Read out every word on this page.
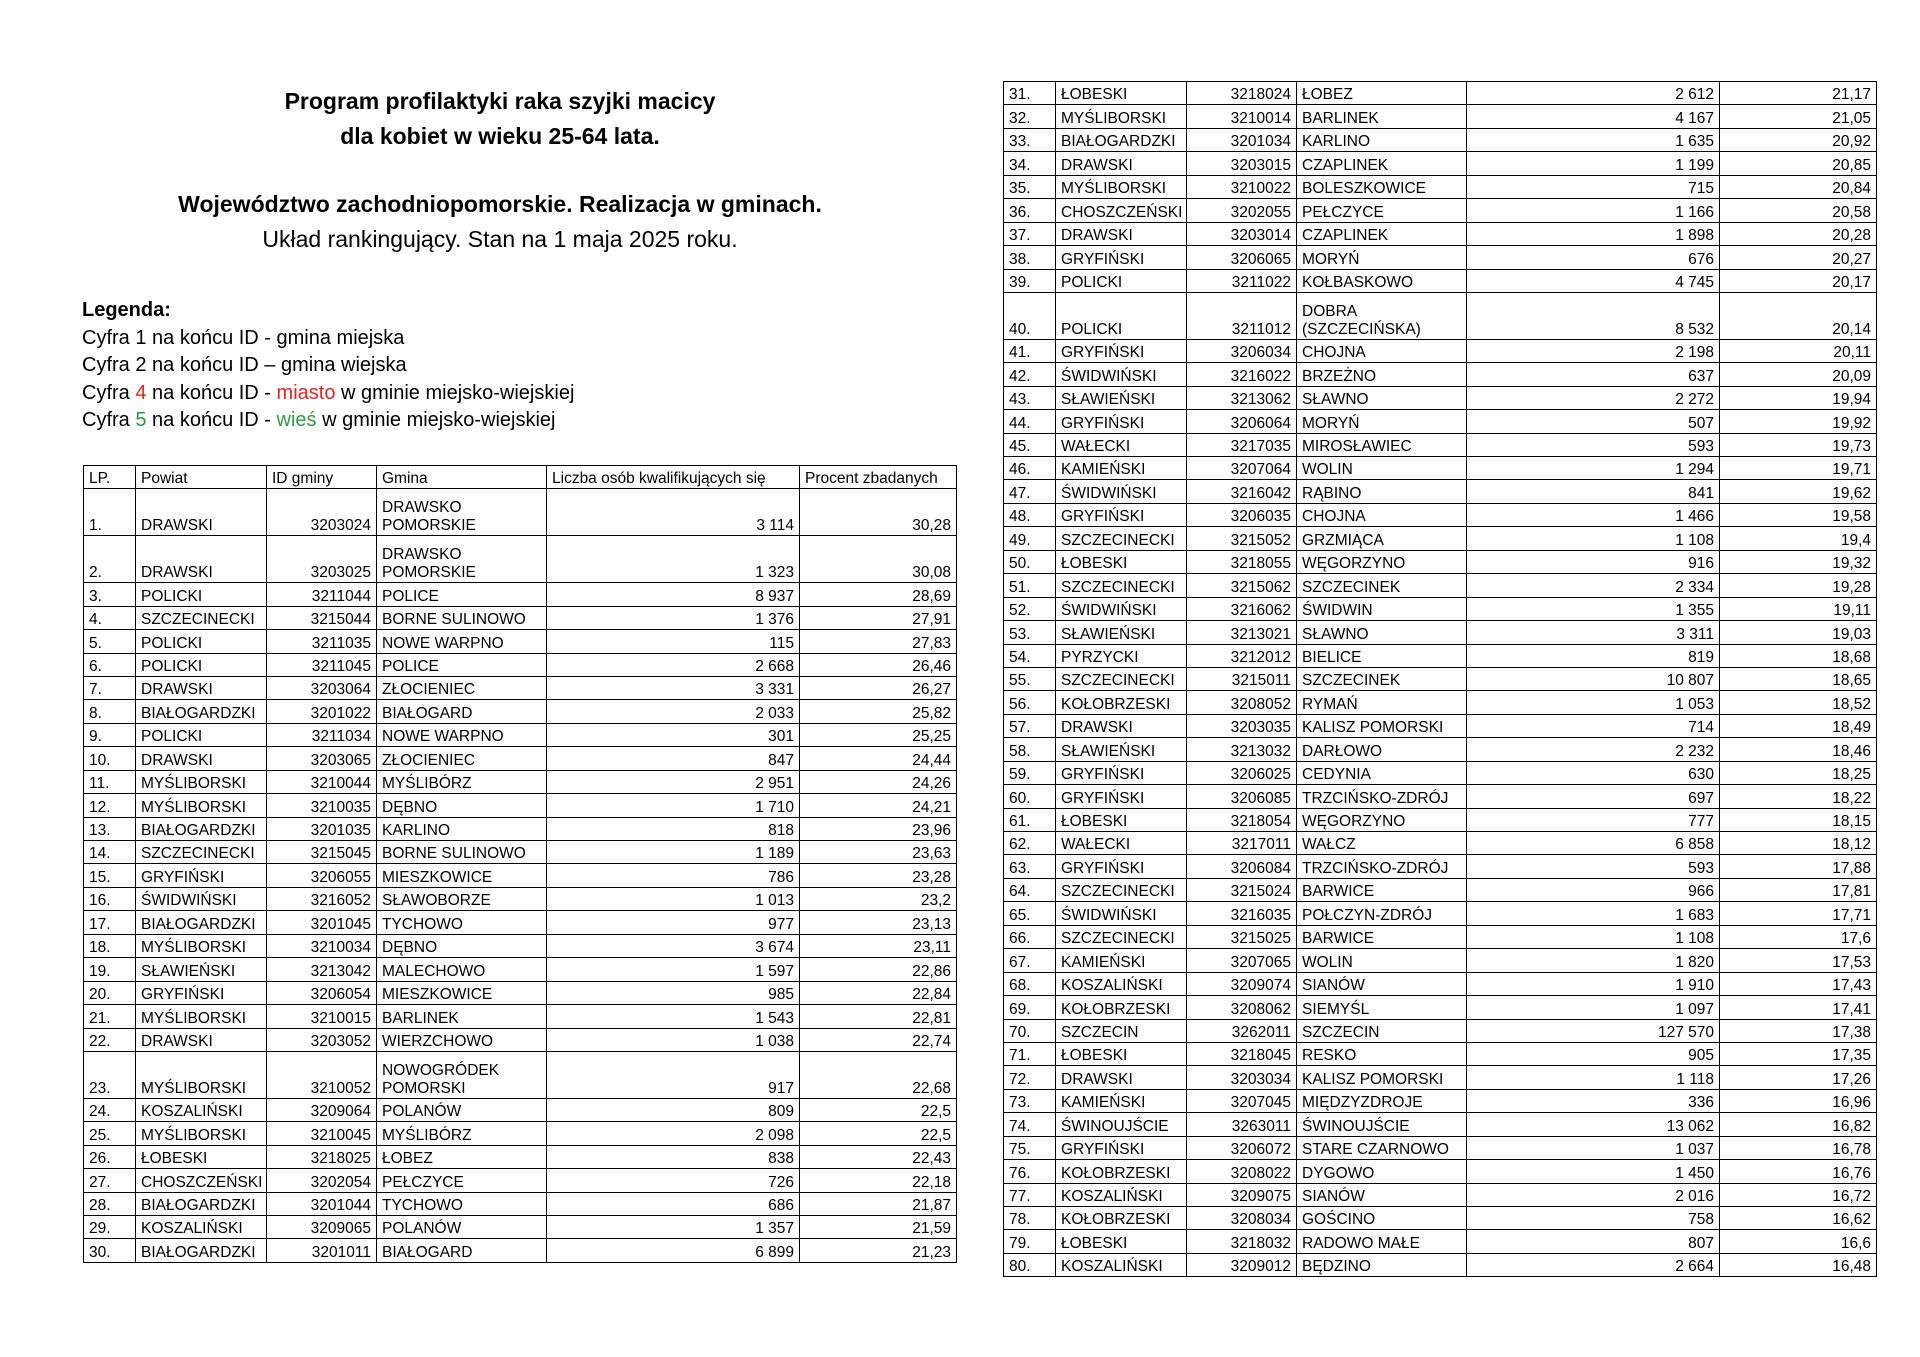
Program profilaktyki raka szyjki macicy
dla kobiet w wieku 25-64 lata.
Województwo zachodniopomorskie. Realizacja w gminach.
Układ rankingujący. Stan na 1 maja 2025 roku.
Legenda:
Cyfra 1 na końcu ID - gmina miejska
Cyfra 2 na końcu ID – gmina wiejska
Cyfra 4 na końcu ID - miasto w gminie miejsko-wiejskiej
Cyfra 5 na końcu ID - wieś w gminie miejsko-wiejskiej
LP.	Powiat	ID gminy	Gmina	Liczba osób kwalifikujących się	Procent zbadanych
1.	DRAWSKI	3203024	DRAWSKO POMORSKIE	3 114	30,28
2.	DRAWSKI	3203025	DRAWSKO POMORSKIE	1 323	30,08
3.	POLICKI	3211044	POLICE	8 937	28,69
4.	SZCZECINECKI	3215044	BORNE SULINOWO	1 376	27,91
5.	POLICKI	3211035	NOWE WARPNO	115	27,83
6.	POLICKI	3211045	POLICE	2 668	26,46
7.	DRAWSKI	3203064	ZŁOCIENIEC	3 331	26,27
8.	BIAŁOGARDZKI	3201022	BIAŁOGARD	2 033	25,82
9.	POLICKI	3211034	NOWE WARPNO	301	25,25
10.	DRAWSKI	3203065	ZŁOCIENIEC	847	24,44
11.	MYŚLIBORSKI	3210044	MYŚLIBÓRZ	2 951	24,26
12.	MYŚLIBORSKI	3210035	DĘBNO	1 710	24,21
13.	BIAŁOGARDZKI	3201035	KARLINO	818	23,96
14.	SZCZECINECKI	3215045	BORNE SULINOWO	1 189	23,63
15.	GRYFIŃSKI	3206055	MIESZKOWICE	786	23,28
16.	ŚWIDWIŃSKI	3216052	SŁAWOBORZE	1 013	23,2
17.	BIAŁOGARDZKI	3201045	TYCHOWO	977	23,13
18.	MYŚLIBORSKI	3210034	DĘBNO	3 674	23,11
19.	SŁAWIEŃSKI	3213042	MALECHOWO	1 597	22,86
20.	GRYFIŃSKI	3206054	MIESZKOWICE	985	22,84
21.	MYŚLIBORSKI	3210015	BARLINEK	1 543	22,81
22.	DRAWSKI	3203052	WIERZCHOWO	1 038	22,74
23.	MYŚLIBORSKI	3210052	NOWOGRÓDEK POMORSKI	917	22,68
24.	KOSZALIŃSKI	3209064	POLANÓW	809	22,5
25.	MYŚLIBORSKI	3210045	MYŚLIBÓRZ	2 098	22,5
26.	ŁOBESKI	3218025	ŁOBEZ	838	22,43
27.	CHOSZCZEŃSKI	3202054	PEŁCZYCE	726	22,18
28.	BIAŁOGARDZKI	3201044	TYCHOWO	686	21,87
29.	KOSZALIŃSKI	3209065	POLANÓW	1 357	21,59
30.	BIAŁOGARDZKI	3201011	BIAŁOGARD	6 899	21,23
31.	ŁOBESKI	3218024	ŁOBEZ	2 612	21,17
32.	MYŚLIBORSKI	3210014	BARLINEK	4 167	21,05
33.	BIAŁOGARDZKI	3201034	KARLINO	1 635	20,92
34.	DRAWSKI	3203015	CZAPLINEK	1 199	20,85
35.	MYŚLIBORSKI	3210022	BOLESZKOWICE	715	20,84
36.	CHOSZCZEŃSKI	3202055	PEŁCZYCE	1 166	20,58
37.	DRAWSKI	3203014	CZAPLINEK	1 898	20,28
38.	GRYFIŃSKI	3206065	MORYŃ	676	20,27
39.	POLICKI	3211022	KOŁBASKOWO	4 745	20,17
40.	POLICKI	3211012	DOBRA (SZCZECIŃSKA)	8 532	20,14
41.	GRYFIŃSKI	3206034	CHOJNA	2 198	20,11
42.	ŚWIDWIŃSKI	3216022	BRZEŻNO	637	20,09
43.	SŁAWIEŃSKI	3213062	SŁAWNO	2 272	19,94
44.	GRYFIŃSKI	3206064	MORYŃ	507	19,92
45.	WAŁECKI	3217035	MIROSŁAWIEC	593	19,73
46.	KAMIEŃSKI	3207064	WOLIN	1 294	19,71
47.	ŚWIDWIŃSKI	3216042	RĄBINO	841	19,62
48.	GRYFIŃSKI	3206035	CHOJNA	1 466	19,58
49.	SZCZECINECKI	3215052	GRZMIĄCA	1 108	19,4
50.	ŁOBESKI	3218055	WĘGORZYNO	916	19,32
51.	SZCZECINECKI	3215062	SZCZECINEK	2 334	19,28
52.	ŚWIDWIŃSKI	3216062	ŚWIDWIN	1 355	19,11
53.	SŁAWIEŃSKI	3213021	SŁAWNO	3 311	19,03
54.	PYRZYCKI	3212012	BIELICE	819	18,68
55.	SZCZECINECKI	3215011	SZCZECINEK	10 807	18,65
56.	KOŁOBRZESKI	3208052	RYMAŃ	1 053	18,52
57.	DRAWSKI	3203035	KALISZ POMORSKI	714	18,49
58.	SŁAWIEŃSKI	3213032	DARŁOWO	2 232	18,46
59.	GRYFIŃSKI	3206025	CEDYNIA	630	18,25
60.	GRYFIŃSKI	3206085	TRZCIŃSKO-ZDRÓJ	697	18,22
61.	ŁOBESKI	3218054	WĘGORZYNO	777	18,15
62.	WAŁECKI	3217011	WAŁCZ	6 858	18,12
63.	GRYFIŃSKI	3206084	TRZCIŃSKO-ZDRÓJ	593	17,88
64.	SZCZECINECKI	3215024	BARWICE	966	17,81
65.	ŚWIDWIŃSKI	3216035	POŁCZYN-ZDRÓJ	1 683	17,71
66.	SZCZECINECKI	3215025	BARWICE	1 108	17,6
67.	KAMIEŃSKI	3207065	WOLIN	1 820	17,53
68.	KOSZALIŃSKI	3209074	SIANÓW	1 910	17,43
69.	KOŁOBRZESKI	3208062	SIEMYŚL	1 097	17,41
70.	SZCZECIN	3262011	SZCZECIN	127 570	17,38
71.	ŁOBESKI	3218045	RESKO	905	17,35
72.	DRAWSKI	3203034	KALISZ POMORSKI	1 118	17,26
73.	KAMIEŃSKI	3207045	MIĘDZYZDROJE	336	16,96
74.	ŚWINOUJŚCIE	3263011	ŚWINOUJŚCIE	13 062	16,82
75.	GRYFIŃSKI	3206072	STARE CZARNOWO	1 037	16,78
76.	KOŁOBRZESKI	3208022	DYGOWO	1 450	16,76
77.	KOSZALIŃSKI	3209075	SIANÓW	2 016	16,72
78.	KOŁOBRZESKI	3208034	GOŚCINO	758	16,62
79.	ŁOBESKI	3218032	RADOWO MAŁE	807	16,6
80.	KOSZALIŃSKI	3209012	BĘDZINO	2 664	16,48
